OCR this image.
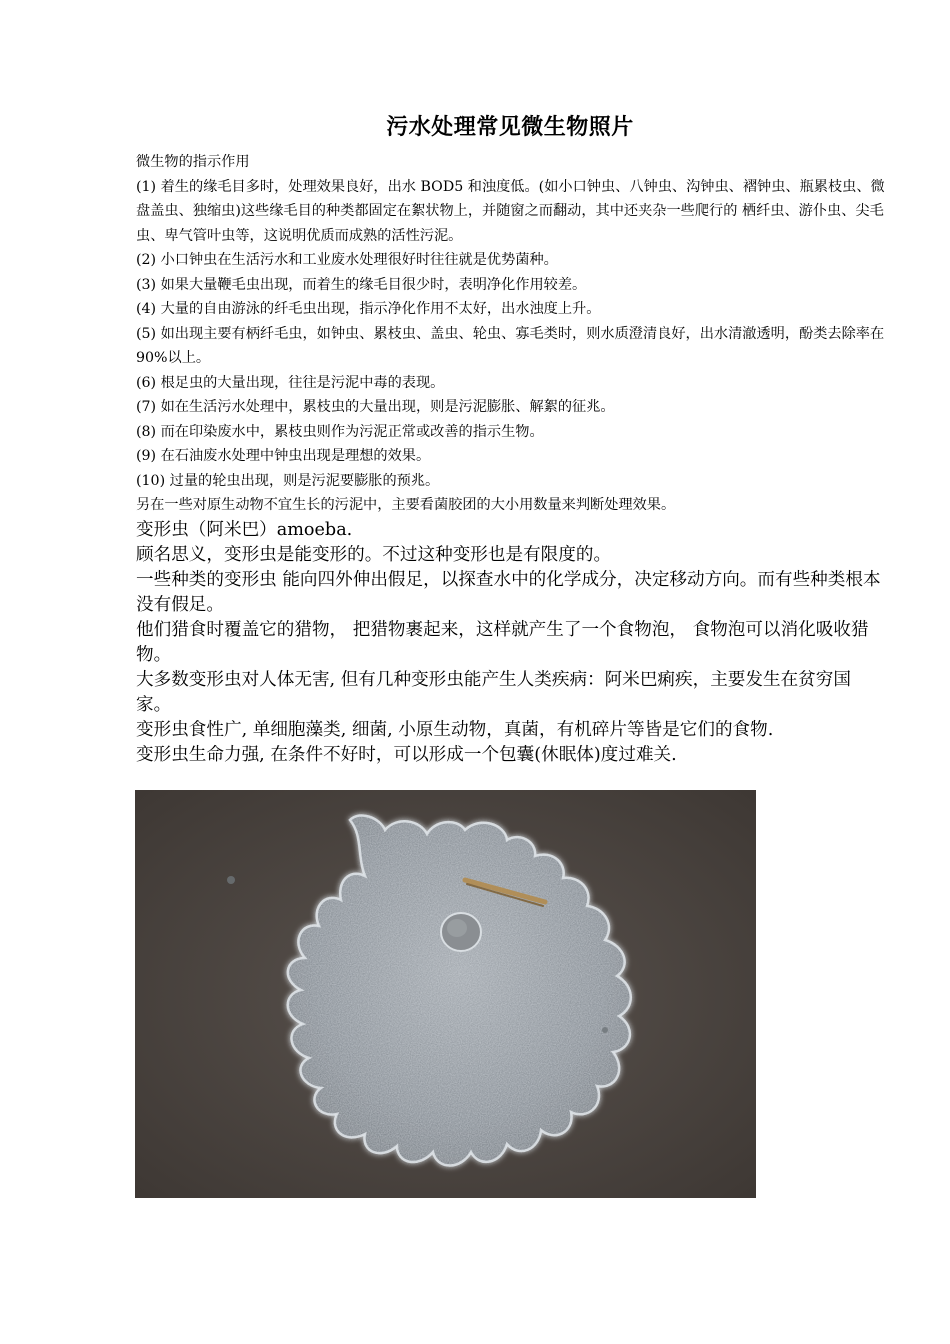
污水处理常见微生物照片

微生物的指示作用

(1) 着生的缘毛目多时，处理效果良好，出水 BOD5 和浊度低。(如小口钟虫、八钟虫、沟钟虫、褶钟虫、瓶累枝虫、微盘盖虫、独缩虫)这些缘毛目的种类都固定在絮状物上，并随窗之而翻动，其中还夹杂一些爬行的 栖纤虫、游仆虫、尖毛虫、卑气管叶虫等，这说明优质而成熟的活性污泥。

(2) 小口钟虫在生活污水和工业废水处理很好时往往就是优势菌种。

(3) 如果大量鞭毛虫出现，而着生的缘毛目很少时，表明净化作用较差。

(4) 大量的自由游泳的纤毛虫出现，指示净化作用不太好，出水浊度上升。

(5) 如出现主要有柄纤毛虫，如钟虫、累枝虫、盖虫、轮虫、寡毛类时，则水质澄清良好，出水清澈透明，酚类去除率在 90%以上。

(6) 根足虫的大量出现，往往是污泥中毒的表现。

(7) 如在生活污水处理中，累枝虫的大量出现，则是污泥膨胀、解絮的征兆。

(8) 而在印染废水中，累枝虫则作为污泥正常或改善的指示生物。

(9) 在石油废水处理中钟虫出现是理想的效果。

(10) 过量的轮虫出现，则是污泥要膨胀的预兆。

另在一些对原生动物不宜生长的污泥中，主要看菌胶团的大小用数量来判断处理效果。

变形虫（阿米巴）amoeba.

顾名思义，变形虫是能变形的。不过这种变形也是有限度的。

一些种类的变形虫 能向四外伸出假足，以探查水中的化学成分，决定移动方向。而有些种类根本没有假足。

他们猎食时覆盖它的猎物， 把猎物裹起来，这样就产生了一个食物泡， 食物泡可以消化吸收猎物。

大多数变形虫对人体无害, 但有几种变形虫能产生人类疾病：阿米巴痢疾，主要发生在贫穷国家。

变形虫食性广, 单细胞藻类, 细菌, 小原生动物，真菌，有机碎片等皆是它们的食物.

变形虫生命力强, 在条件不好时，可以形成一个包囊(休眠体)度过难关.
